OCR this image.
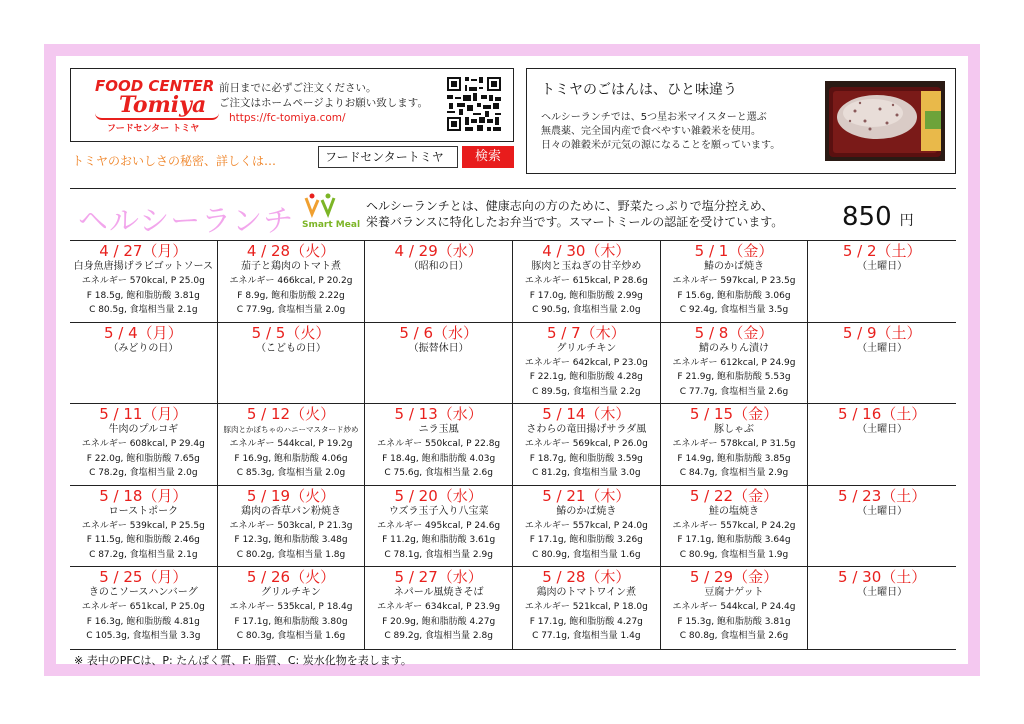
FOOD CENTER
Tomiya
フードセンター トミヤ
前日までに必ずご注文ください。
ご注文はホームページよりお願い致します。
https://fc-tomiya.com/
トミヤのおいしさの秘密、詳しくは…	フードセンタートミヤ	検索
トミヤのごはんは、ひと味違う
ヘルシーランチでは、5つ星お米マイスターと選ぶ
無農薬、完全国内産で食べやすい雑穀米を使用。
日々の雑穀米が元気の源になることを願っています。
ヘルシーランチ Smart Meal
ヘルシーランチとは、健康志向の方のために、野菜たっぷりで塩分控えめ、
栄養バランスに特化したお弁当です。スマートミールの認証を受けています。 850 円
4 / 27（月）
白身魚唐揚げラビゴットソース
エネルギー 570kcal, P 25.0g
F 18.5g, 飽和脂肪酸 3.81g
C 80.5g, 食塩相当量 2.1g
4 / 28（火）
茄子と鶏肉のトマト煮
エネルギー 466kcal, P 20.2g
F 8.9g, 飽和脂肪酸 2.22g
C 77.9g, 食塩相当量 2.0g
4 / 29（水）
（昭和の日）
4 / 30（木）
豚肉と玉ねぎの甘辛炒め
エネルギー 615kcal, P 28.6g
F 17.0g, 飽和脂肪酸 2.99g
C 90.5g, 食塩相当量 2.0g
5 / 1（金）
鰆のかば焼き
エネルギー 597kcal, P 23.5g
F 15.6g, 飽和脂肪酸 3.06g
C 92.4g, 食塩相当量 3.5g
5 / 2（土）
（土曜日）
5 / 4（月）
（みどりの日）
5 / 5（火）
（こどもの日）
5 / 6（水）
（振替休日）
5 / 7（木）
グリルチキン
エネルギー 642kcal, P 23.0g
F 22.1g, 飽和脂肪酸 4.28g
C 89.5g, 食塩相当量 2.2g
5 / 8（金）
鯖のみりん漬け
エネルギー 612kcal, P 24.9g
F 21.9g, 飽和脂肪酸 5.53g
C 77.7g, 食塩相当量 2.6g
5 / 9（土）
（土曜日）
5 / 11（月）
牛肉のプルコギ
エネルギー 608kcal, P 29.4g
F 22.0g, 飽和脂肪酸 7.65g
C 78.2g, 食塩相当量 2.0g
5 / 12（火）
豚肉とかぼちゃのハニーマスタード炒め
エネルギー 544kcal, P 19.2g
F 16.9g, 飽和脂肪酸 4.06g
C 85.3g, 食塩相当量 2.0g
5 / 13（水）
ニラ玉風
エネルギー 550kcal, P 22.8g
F 18.4g, 飽和脂肪酸 4.03g
C 75.6g, 食塩相当量 2.6g
5 / 14（木）
さわらの竜田揚げサラダ風
エネルギー 569kcal, P 26.0g
F 18.7g, 飽和脂肪酸 3.59g
C 81.2g, 食塩相当量 3.0g
5 / 15（金）
豚しゃぶ
エネルギー 578kcal, P 31.5g
F 14.9g, 飽和脂肪酸 3.85g
C 84.7g, 食塩相当量 2.9g
5 / 16（土）
（土曜日）
5 / 18（月）
ローストポーク
エネルギー 539kcal, P 25.5g
F 11.5g, 飽和脂肪酸 2.46g
C 87.2g, 食塩相当量 2.1g
5 / 19（火）
鶏肉の香草パン粉焼き
エネルギー 503kcal, P 21.3g
F 12.3g, 飽和脂肪酸 3.48g
C 80.2g, 食塩相当量 1.8g
5 / 20（水）
ウズラ玉子入り八宝菜
エネルギー 495kcal, P 24.6g
F 11.2g, 飽和脂肪酸 3.61g
C 78.1g, 食塩相当量 2.9g
5 / 21（木）
鰆のかば焼き
エネルギー 557kcal, P 24.0g
F 17.1g, 飽和脂肪酸 3.26g
C 80.9g, 食塩相当量 1.6g
5 / 22（金）
鮭の塩焼き
エネルギー 557kcal, P 24.2g
F 17.1g, 飽和脂肪酸 3.64g
C 80.9g, 食塩相当量 1.9g
5 / 23（土）
（土曜日）
5 / 25（月）
きのこソースハンバーグ
エネルギー 651kcal, P 25.0g
F 16.3g, 飽和脂肪酸 4.81g
C 105.3g, 食塩相当量 3.3g
5 / 26（火）
グリルチキン
エネルギー 535kcal, P 18.4g
F 17.1g, 飽和脂肪酸 3.80g
C 80.3g, 食塩相当量 1.6g
5 / 27（水）
ネパール風焼きそば
エネルギー 634kcal, P 23.9g
F 20.9g, 飽和脂肪酸 4.27g
C 89.2g, 食塩相当量 2.8g
5 / 28（木）
鶏肉のトマトワイン煮
エネルギー 521kcal, P 18.0g
F 17.1g, 飽和脂肪酸 4.27g
C 77.1g, 食塩相当量 1.4g
5 / 29（金）
豆腐ナゲット
エネルギー 544kcal, P 24.4g
F 15.3g, 飽和脂肪酸 3.81g
C 80.8g, 食塩相当量 2.6g
5 / 30（土）
（土曜日）
※ 表中のPFCは、P: たんぱく質、F: 脂質、C: 炭水化物を表します。
